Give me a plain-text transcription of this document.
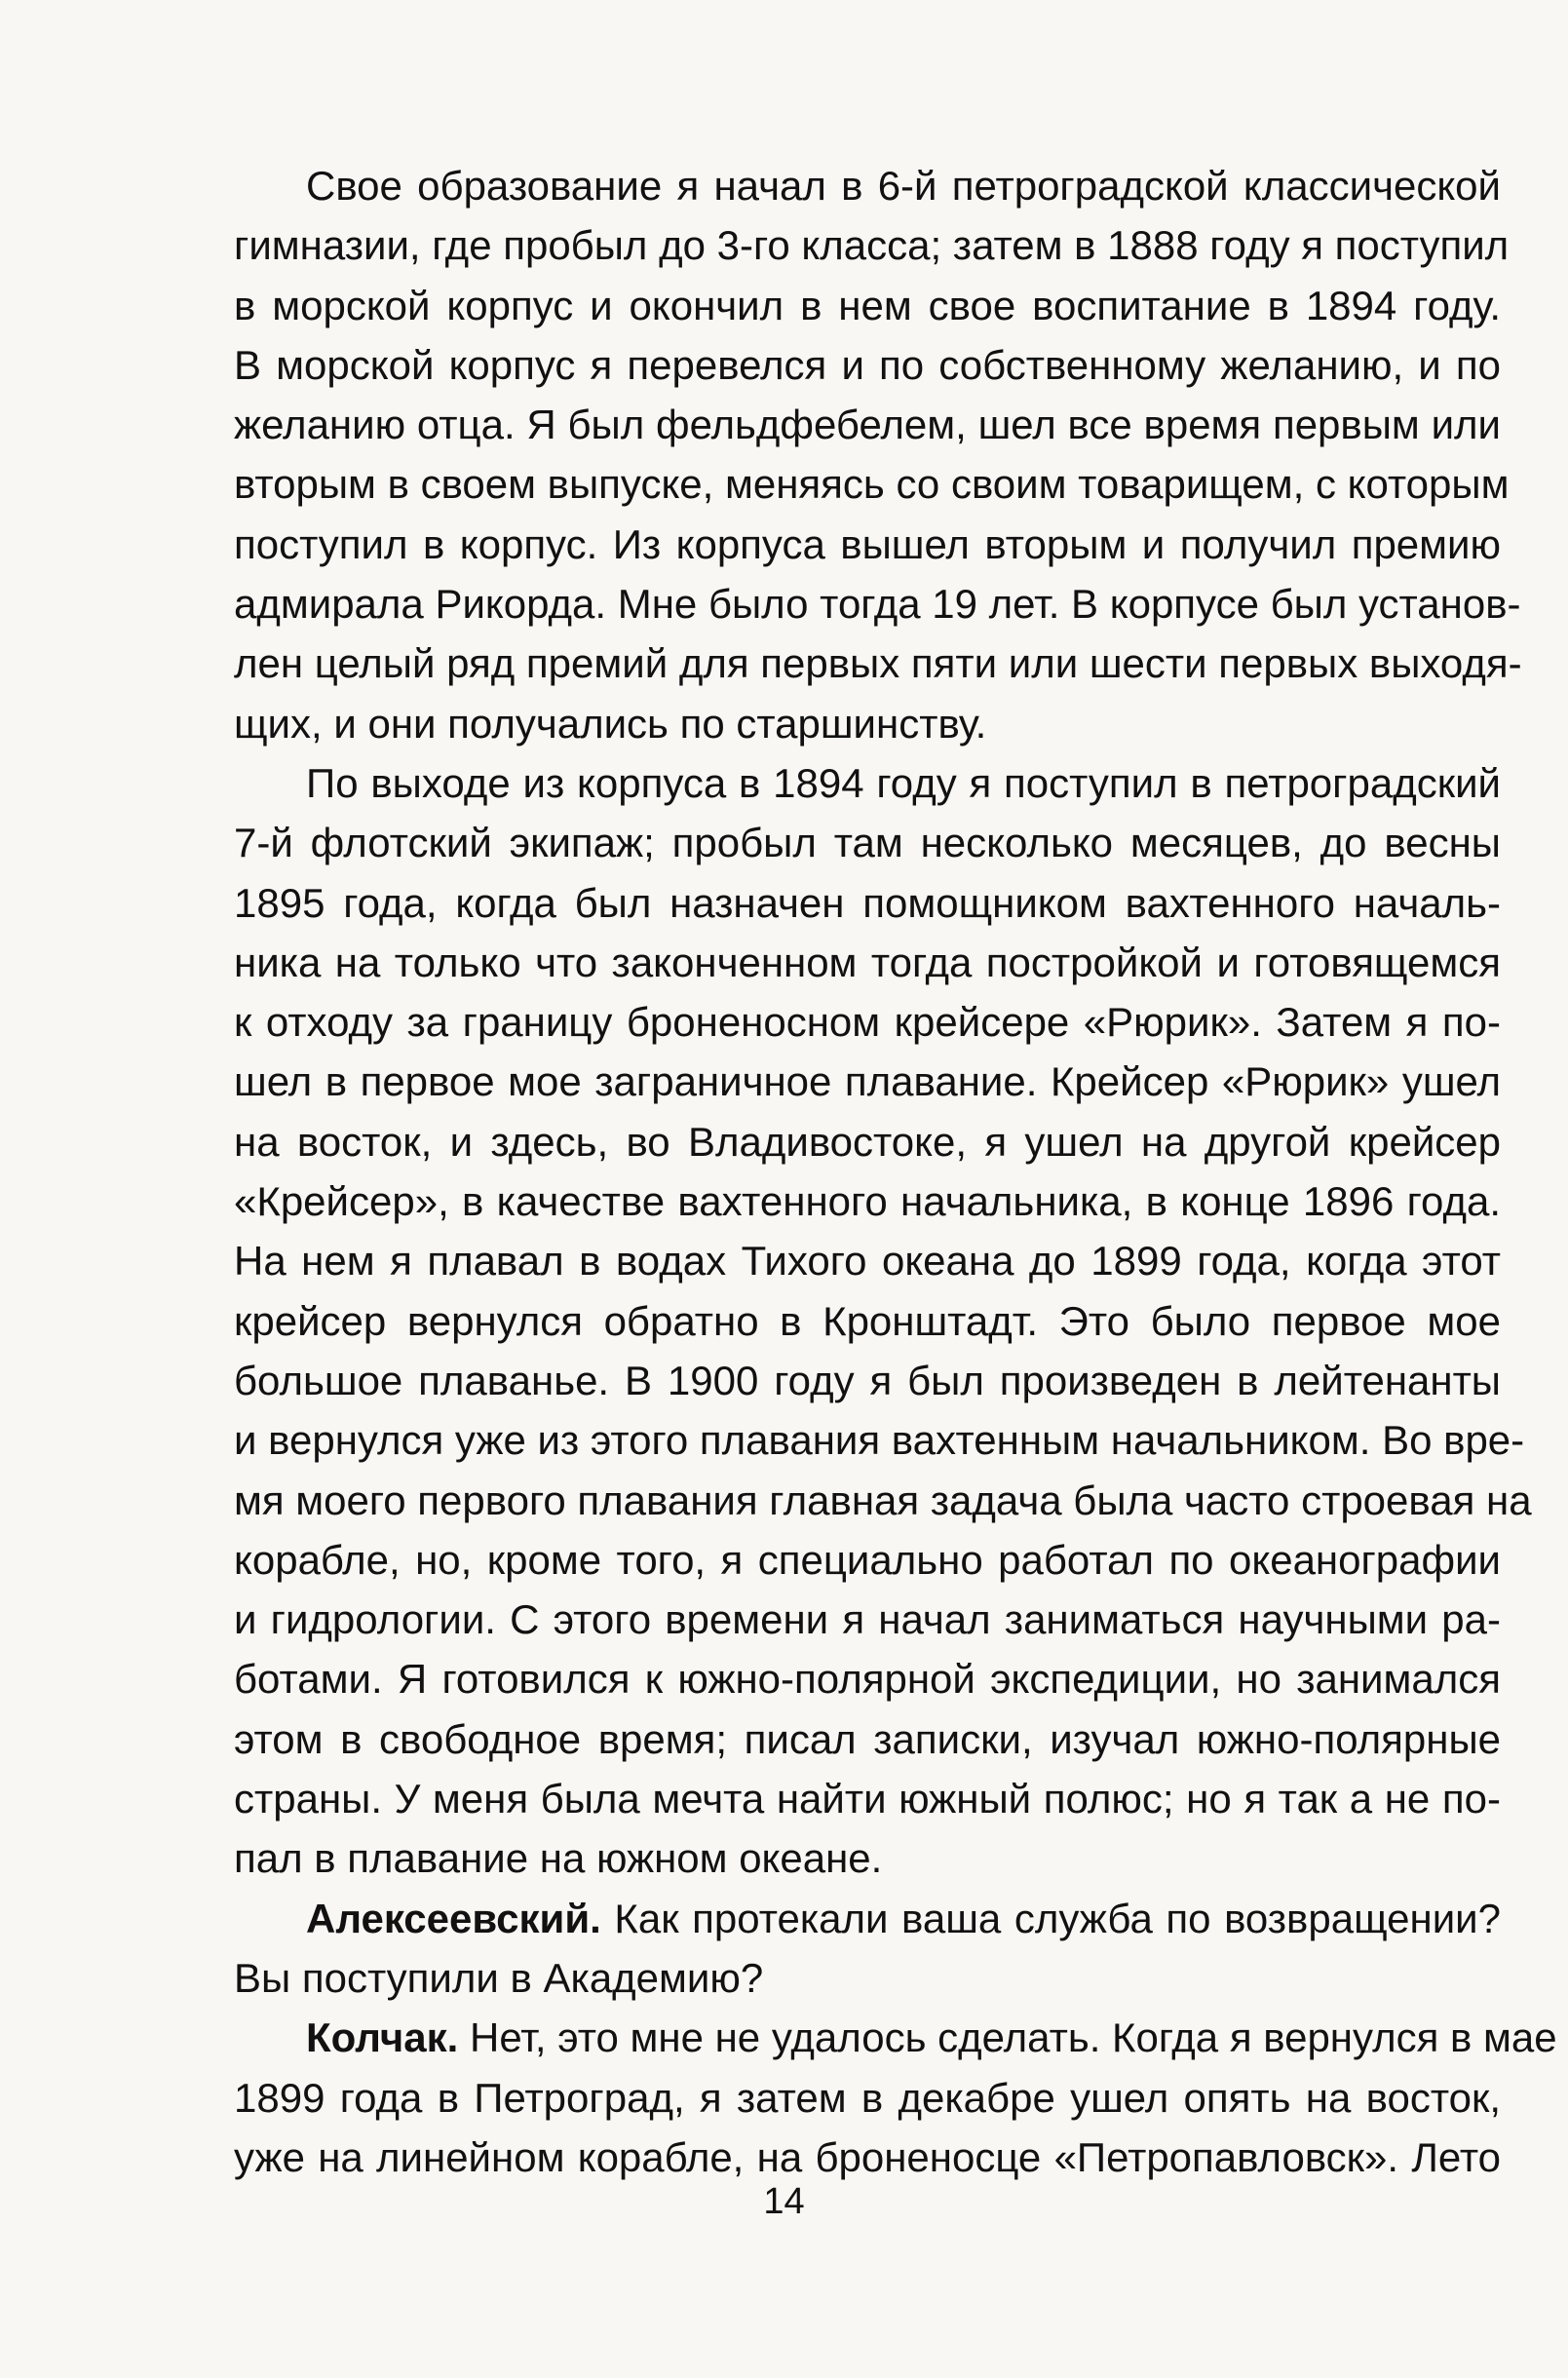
Свое образование я начал в 6-й петроградской классической
гимназии, где пробыл до 3-го класса; затем в 1888 году я поступил
в морской корпус и окончил в нем свое воспитание в 1894 году.
В морской корпус я перевелся и по собственному желанию, и по
желанию отца. Я был фельдфебелем, шел все время первым или
вторым в своем выпуске, меняясь со своим товарищем, с которым
поступил в корпус. Из корпуса вышел вторым и получил премию
адмирала Рикорда. Мне было тогда 19 лет. В корпусе был установ-
лен целый ряд премий для первых пяти или шести первых выходя-
щих, и они получались по старшинству.
По выходе из корпуса в 1894 году я поступил в петроградский
7-й флотский экипаж; пробыл там несколько месяцев, до весны
1895 года, когда был назначен помощником вахтенного началь-
ника на только что законченном тогда постройкой и готовящемся
к отходу за границу броненосном крейсере «Рюрик». Затем я по-
шел в первое мое заграничное плавание. Крейсер «Рюрик» ушел
на восток, и здесь, во Владивостоке, я ушел на другой крейсер
«Крейсер», в качестве вахтенного начальника, в конце 1896 года.
На нем я плавал в водах Тихого океана до 1899 года, когда этот
крейсер вернулся обратно в Кронштадт. Это было первое мое
большое плаванье. В 1900 году я был произведен в лейтенанты
и вернулся уже из этого плавания вахтенным начальником. Во вре-
мя моего первого плавания главная задача была часто строевая на
корабле, но, кроме того, я специально работал по океанографии
и гидрологии. С этого времени я начал заниматься научными ра-
ботами. Я готовился к южно-полярной экспедиции, но занимался
этом в свободное время; писал записки, изучал южно-полярные
страны. У меня была мечта найти южный полюс; но я так а не по-
пал в плавание на южном океане.
Алексеевский. Как протекали ваша служба по возвращении?
Вы поступили в Академию?
Колчак. Нет, это мне не удалось сделать. Когда я вернулся в мае
1899 года в Петроград, я затем в декабре ушел опять на восток,
уже на линейном корабле, на броненосце «Петропавловск». Лето
14
